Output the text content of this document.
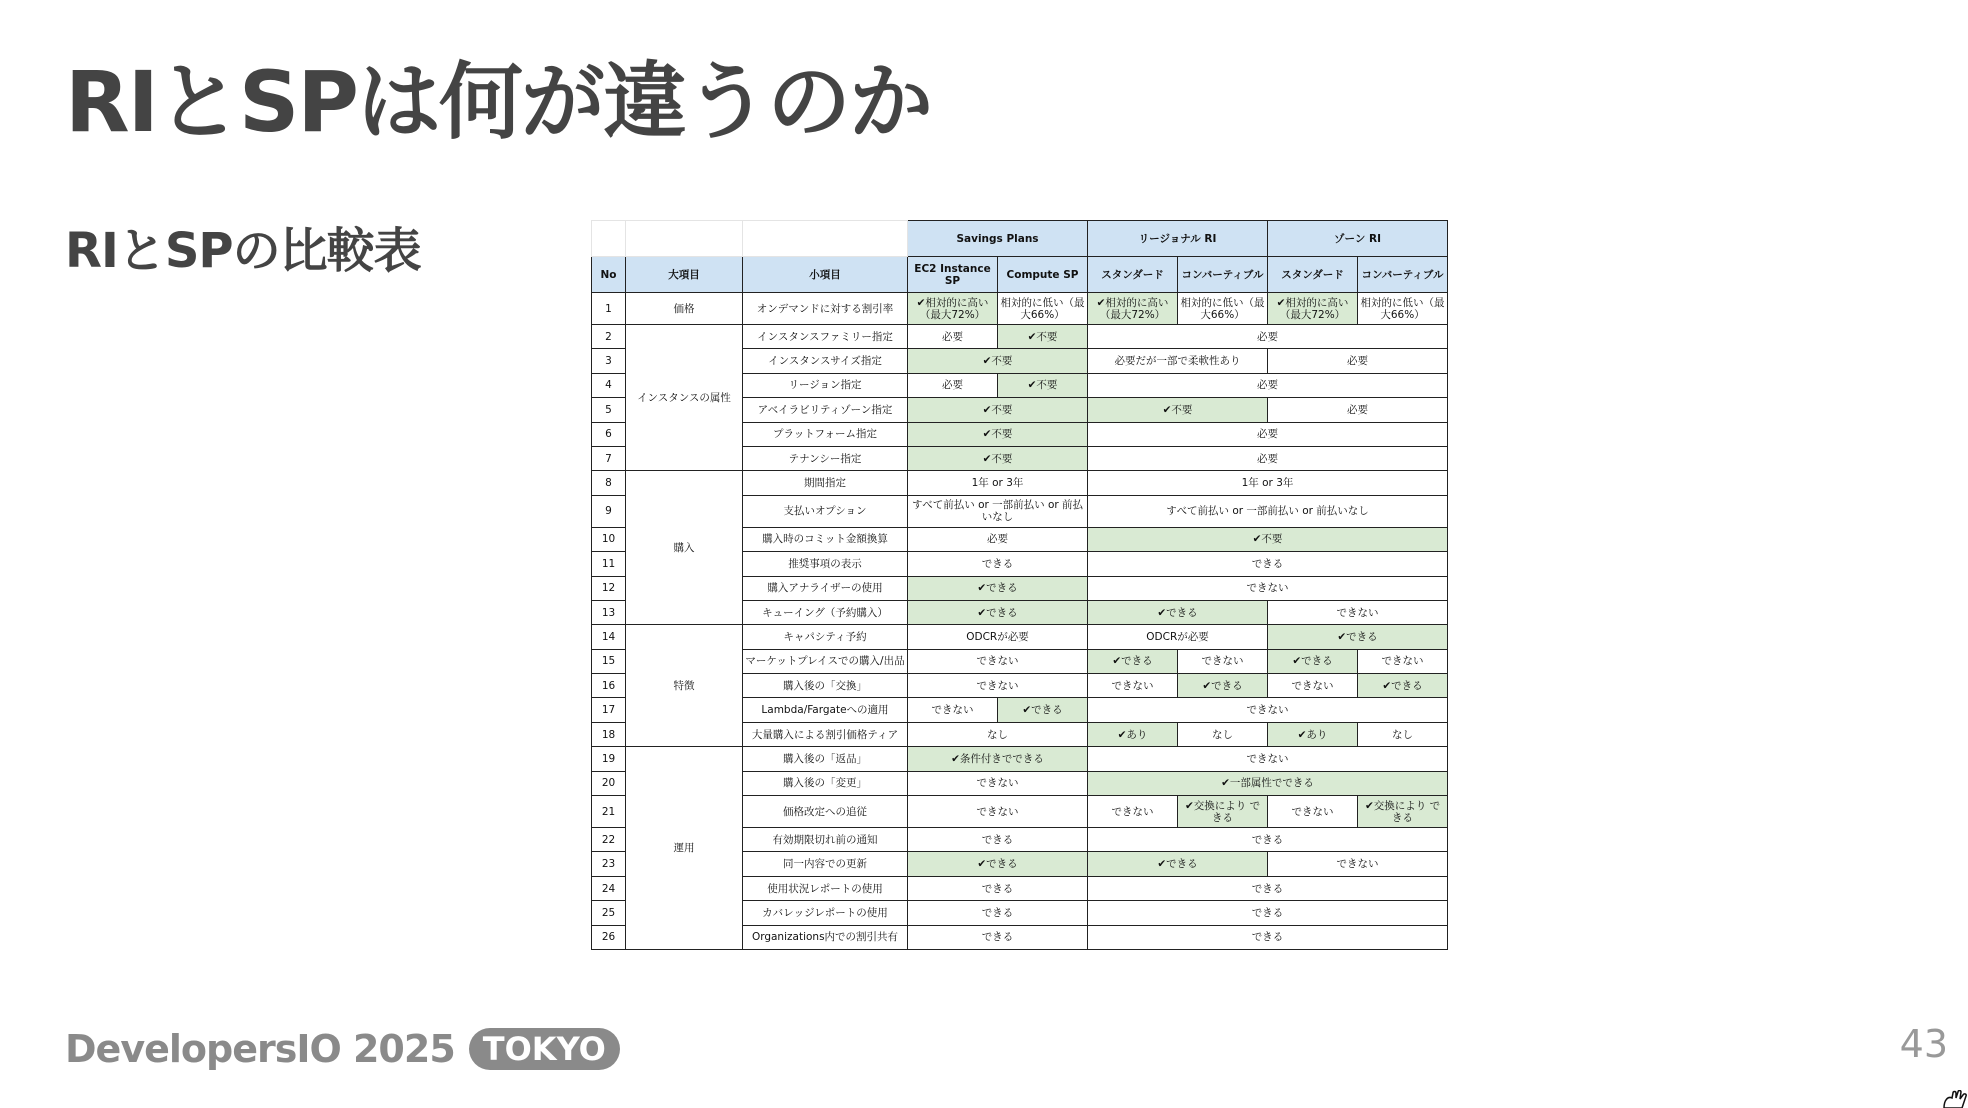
RIとSPは何が違うのか
RIとSPの比較表
				Savings Plans		リージョナル RI		ゾーン RI	
No	大項目	小項目	EC2 Instance SP	Compute SP	スタンダード	コンバーティブル	スタンダード	コンバーティブル
1	価格	オンデマンドに対する割引率	✔相対的に高い（最大72%）	相対的に低い（最大66%）	✔相対的に高い（最大72%）	相対的に低い（最大66%）	✔相対的に高い（最大72%）	相対的に低い（最大66%）
2	インスタンスの属性	インスタンスファミリー指定	必要	✔不要	必要			
3		インスタンスサイズ指定	✔不要		必要だが一部で柔軟性あり		必要	
4		リージョン指定	必要	✔不要	必要			
5		アベイラビリティゾーン指定	✔不要		✔不要		必要	
6		プラットフォーム指定	✔不要		必要			
7		テナンシー指定	✔不要		必要			
8	購入	期間指定	1年 or 3年		1年 or 3年			
9		支払いオプション	すべて前払い or 一部前払い or 前払いなし		すべて前払い or 一部前払い or 前払いなし			
10		購入時のコミット金額換算	必要		✔不要			
11		推奨事項の表示	できる		できる			
12		購入アナライザーの使用	✔できる		できない			
13		キューイング（予約購入）	✔できる		✔できる		できない	
14	特徴	キャパシティ予約	ODCRが必要		ODCRが必要		✔できる	
15		マーケットプレイスでの購入/出品	できない		✔できる	できない	✔できる	できない
16		購入後の「交換」	できない		できない	✔できる	できない	✔できる
17		Lambda/Fargateへの適用	できない	✔できる	できない			
18		大量購入による割引価格ティア	なし		✔あり	なし	✔あり	なし
19	運用	購入後の「返品」	✔条件付きでできる		できない			
20		購入後の「変更」	できない		✔一部属性でできる			
21		価格改定への追従	できない		できない	✔交換により できる	できない	✔交換により できる
22		有効期限切れ前の通知	できる		できる			
23		同一内容での更新	✔できる		✔できる		できない	
24		使用状況レポートの使用	できる		できる			
25		カバレッジレポートの使用	できる		できる			
26		Organizations内での割引共有	できる		できる			
DevelopersIO 2025 TOKYO	43
